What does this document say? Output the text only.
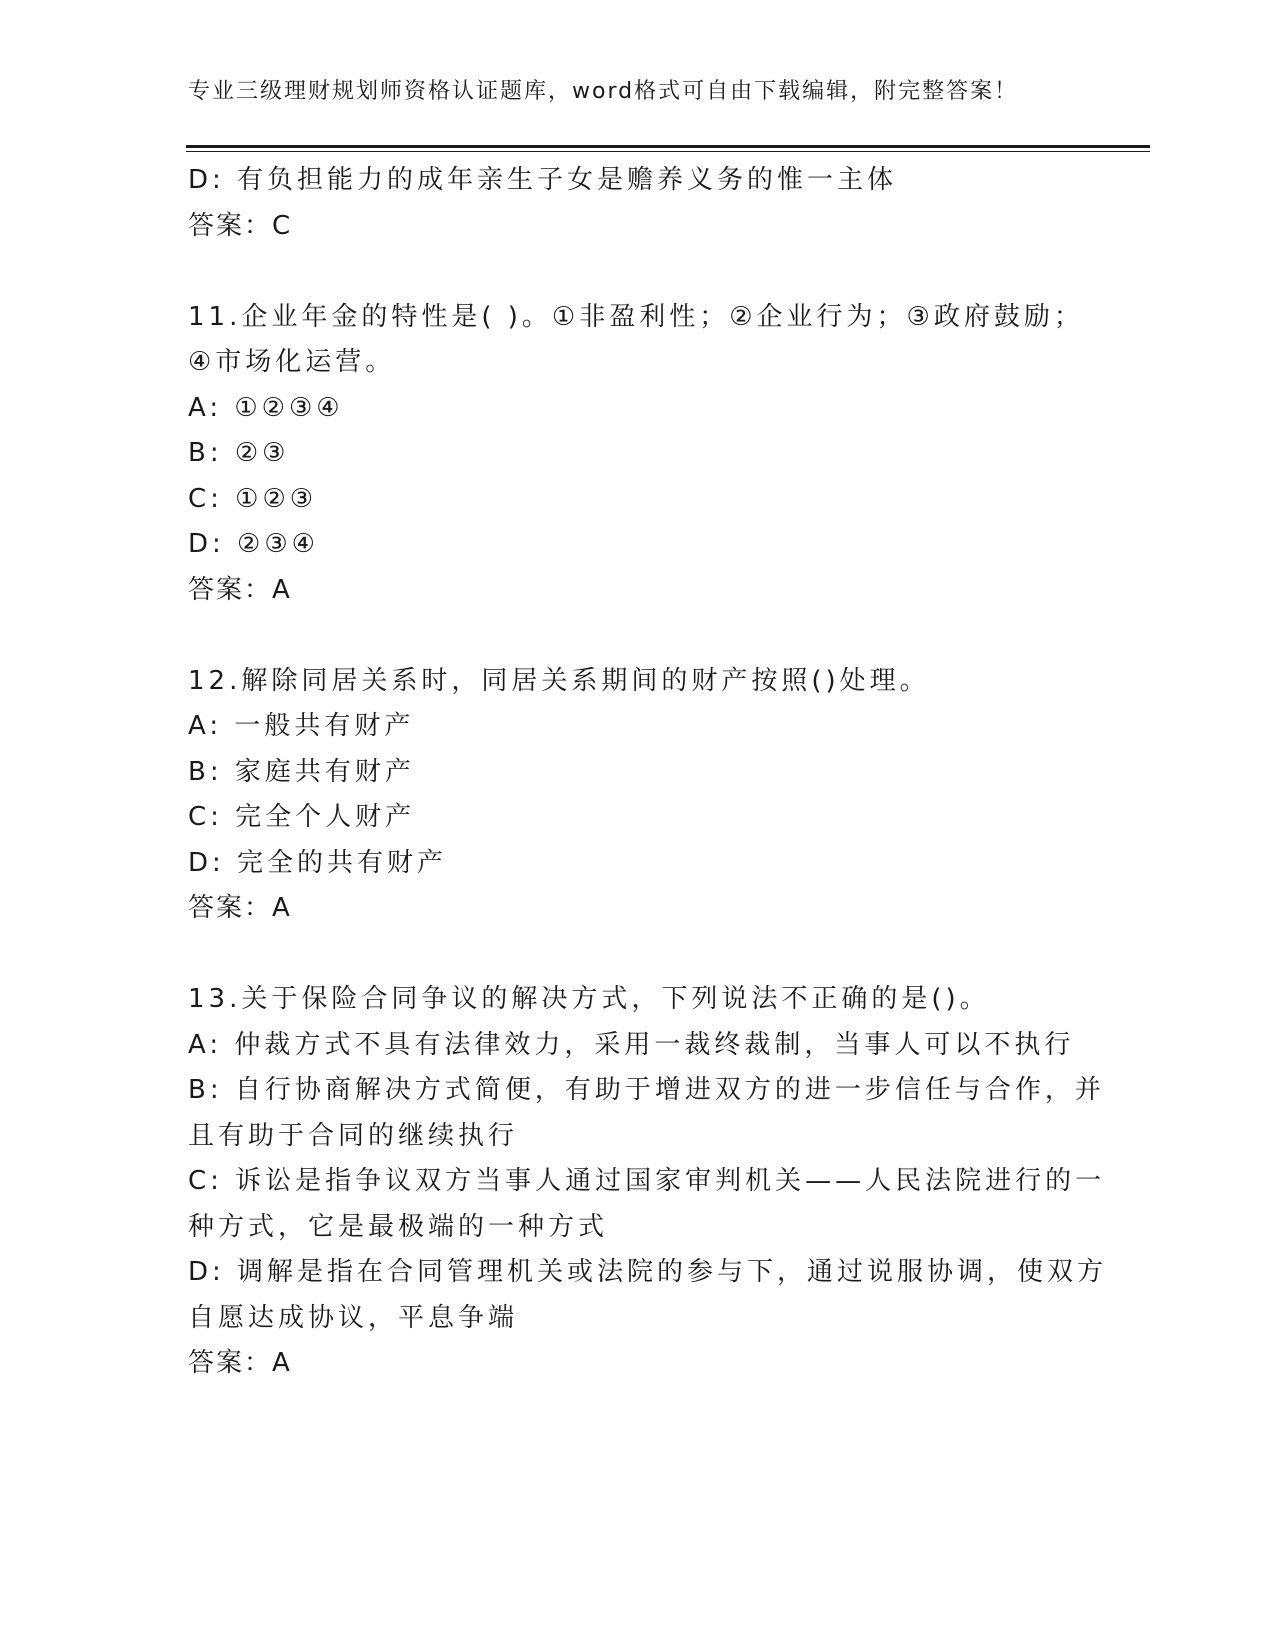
专业三级理财规划师资格认证题库，word格式可自由下载编辑，附完整答案！
D: 有负担能力的成年亲生子女是赡养义务的惟一主体
答案：C
11.企业年金的特性是( )。①非盈利性；②企业行为；③政府鼓励；
④市场化运营。
A: ①②③④
B: ②③
C: ①②③
D: ②③④
答案：A
12.解除同居关系时，同居关系期间的财产按照()处理。
A: 一般共有财产
B: 家庭共有财产
C: 完全个人财产
D: 完全的共有财产
答案：A
13.关于保险合同争议的解决方式，下列说法不正确的是()。
A: 仲裁方式不具有法律效力，采用一裁终裁制，当事人可以不执行
B: 自行协商解决方式简便，有助于增进双方的进一步信任与合作，并
且有助于合同的继续执行
C: 诉讼是指争议双方当事人通过国家审判机关——人民法院进行的一
种方式，它是最极端的一种方式
D: 调解是指在合同管理机关或法院的参与下，通过说服协调，使双方
自愿达成协议，平息争端
答案：A
